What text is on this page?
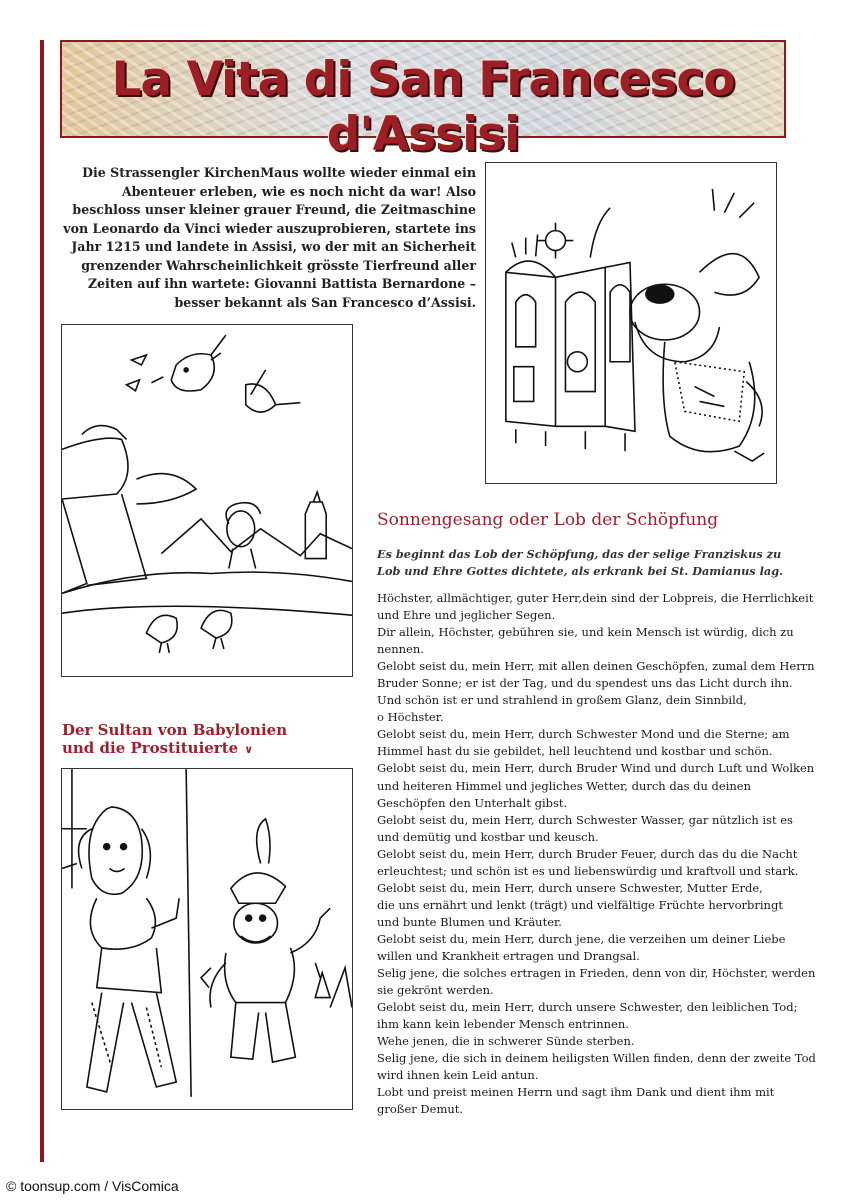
La Vita di San Francesco d'Assisi
Die Strassengler KirchenMaus wollte wieder einmal ein Abenteuer erleben, wie es noch nicht da war! Also beschloss unser kleiner grauer Freund, die Zeitmaschine von Leonardo da Vinci wieder auszuprobieren, startete ins Jahr 1215 und landete in Assisi, wo der mit an Sicherheit grenzender Wahrscheinlichkeit grösste Tierfreund aller Zeiten auf ihn wartete: Giovanni Battista Bernardone – besser bekannt als San Francesco d’Assisi.
Sonnengesang oder Lob der Schöpfung
Es beginnt das Lob der Schöpfung, das der selige Franziskus zu Lob und Ehre Gottes dichtete, als erkrank bei St. Damianus lag.

Höchster, allmächtiger, guter Herr,dein sind der Lobpreis, die Herrlichkeit und Ehre und jeglicher Segen.

Dir allein, Höchster, gebühren sie, und kein Mensch ist würdig, dich zu nennen.

Gelobt seist du, mein Herr, mit allen deinen Geschöpfen, zumal dem Herrn Bruder Sonne; er ist der Tag, und du spendest uns das Licht durch ihn.

Und schön ist er und strahlend in großem Glanz, dein Sinnbild,

o Höchster.

Gelobt seist du, mein Herr, durch Schwester Mond und die Sterne; am Himmel hast du sie gebildet, hell leuchtend und kostbar und schön.

Gelobt seist du, mein Herr, durch Bruder Wind und durch Luft und Wolken und heiteren Himmel und jegliches Wetter, durch das du deinen Geschöpfen den Unterhalt gibst.

Gelobt seist du, mein Herr, durch Schwester Wasser, gar nützlich ist es und demütig und kostbar und keusch.

Gelobt seist du, mein Herr, durch Bruder Feuer, durch das du die Nacht erleuchtest; und schön ist es und liebenswürdig und kraftvoll und stark.

Gelobt seist du, mein Herr, durch unsere Schwester, Mutter Erde,

die uns ernährt und lenkt (trägt) und vielfältige Früchte hervorbringt

und bunte Blumen und Kräuter.

Gelobt seist du, mein Herr, durch jene, die verzeihen um deiner Liebe willen und Krankheit ertragen und Drangsal.

Selig jene, die solches ertragen in Frieden, denn von dir, Höchster, werden sie gekrönt werden.

Gelobt seist du, mein Herr, durch unsere Schwester, den leiblichen Tod; ihm kann kein lebender Mensch entrinnen.

Wehe jenen, die in schwerer Sünde sterben.

Selig jene, die sich in deinem heiligsten Willen finden, denn der zweite Tod wird ihnen kein Leid antun.

Lobt und preist meinen Herrn und sagt ihm Dank und dient ihm mit großer Demut.

Der Sultan von Babylonien
und die Prostituierte ∨
© toonsup.com / VisComica
